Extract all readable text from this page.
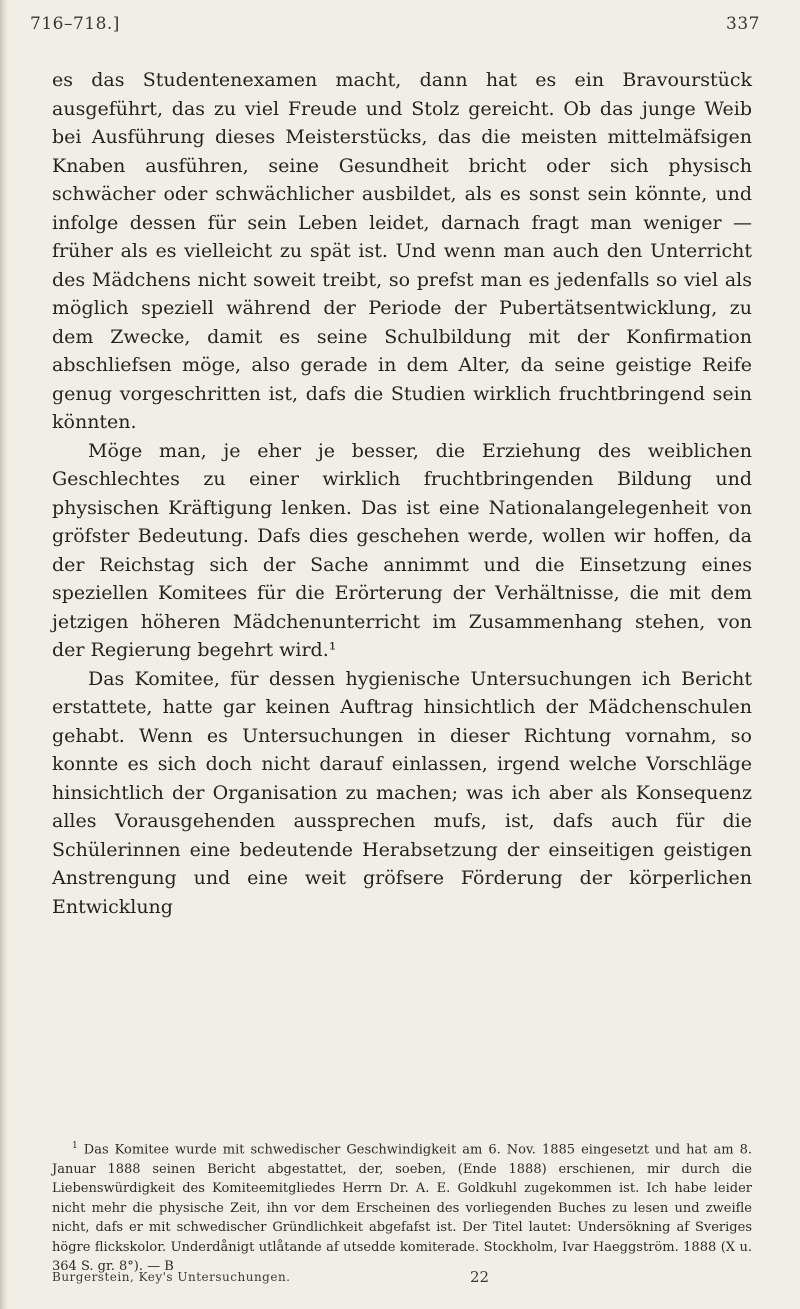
716–718.]	337

es das Studentenexamen macht, dann hat es ein Bravourstück ausgeführt, das zu viel Freude und Stolz gereicht. Ob das junge Weib bei Ausführung dieses Meisterstücks, das die meisten mittelmäfsigen Knaben ausführen, seine Gesundheit bricht oder sich physisch schwächer oder schwächlicher ausbildet, als es sonst sein könnte, und infolge dessen für sein Leben leidet, darnach fragt man weniger — früher als es vielleicht zu spät ist. Und wenn man auch den Unterricht des Mädchens nicht soweit treibt, so prefst man es jedenfalls so viel als möglich speziell während der Periode der Pubertätsentwicklung, zu dem Zwecke, damit es seine Schulbildung mit der Konfirmation abschliefsen möge, also gerade in dem Alter, da seine geistige Reife genug vorgeschritten ist, dafs die Studien wirklich fruchtbringend sein könnten.

Möge man, je eher je besser, die Erziehung des weiblichen Geschlechtes zu einer wirklich fruchtbringenden Bildung und physischen Kräftigung lenken. Das ist eine Nationalangelegenheit von gröfster Bedeutung. Dafs dies geschehen werde, wollen wir hoffen, da der Reichstag sich der Sache annimmt und die Einsetzung eines speziellen Komitees für die Erörterung der Verhältnisse, die mit dem jetzigen höheren Mädchenunterricht im Zusammenhang stehen, von der Regierung begehrt wird.¹

Das Komitee, für dessen hygienische Untersuchungen ich Bericht erstattete, hatte gar keinen Auftrag hinsichtlich der Mädchenschulen gehabt. Wenn es Untersuchungen in dieser Richtung vornahm, so konnte es sich doch nicht darauf einlassen, irgend welche Vorschläge hinsichtlich der Organisation zu machen; was ich aber als Konsequenz alles Vorausgehenden aussprechen mufs, ist, dafs auch für die Schülerinnen eine bedeutende Herabsetzung der einseitigen geistigen Anstrengung und eine weit gröfsere Förderung der körperlichen Entwicklung

$^1$ Das Komitee wurde mit schwedischer Geschwindigkeit am 6. Nov. 1885 eingesetzt und hat am 8. Januar 1888 seinen Bericht abgestattet, der, soeben, (Ende 1888) erschienen, mir durch die Liebenswürdigkeit des Komiteemitgliedes Herrn Dr. A. E. Goldkuhl zugekommen ist. Ich habe leider nicht mehr die physische Zeit, ihn vor dem Erscheinen des vorliegenden Buches zu lesen und zweifle nicht, dafs er mit schwedischer Gründlichkeit abgefafst ist. Der Titel lautet: Undersökning af Sveriges högre flickskolor. Underdånigt utlåtande af utsedde komiterade. Stockholm, Ivar Haeggström. 1888 (X u. 364 S. gr. 8°). — B
Burgerstein, Key's Untersuchungen.	22
